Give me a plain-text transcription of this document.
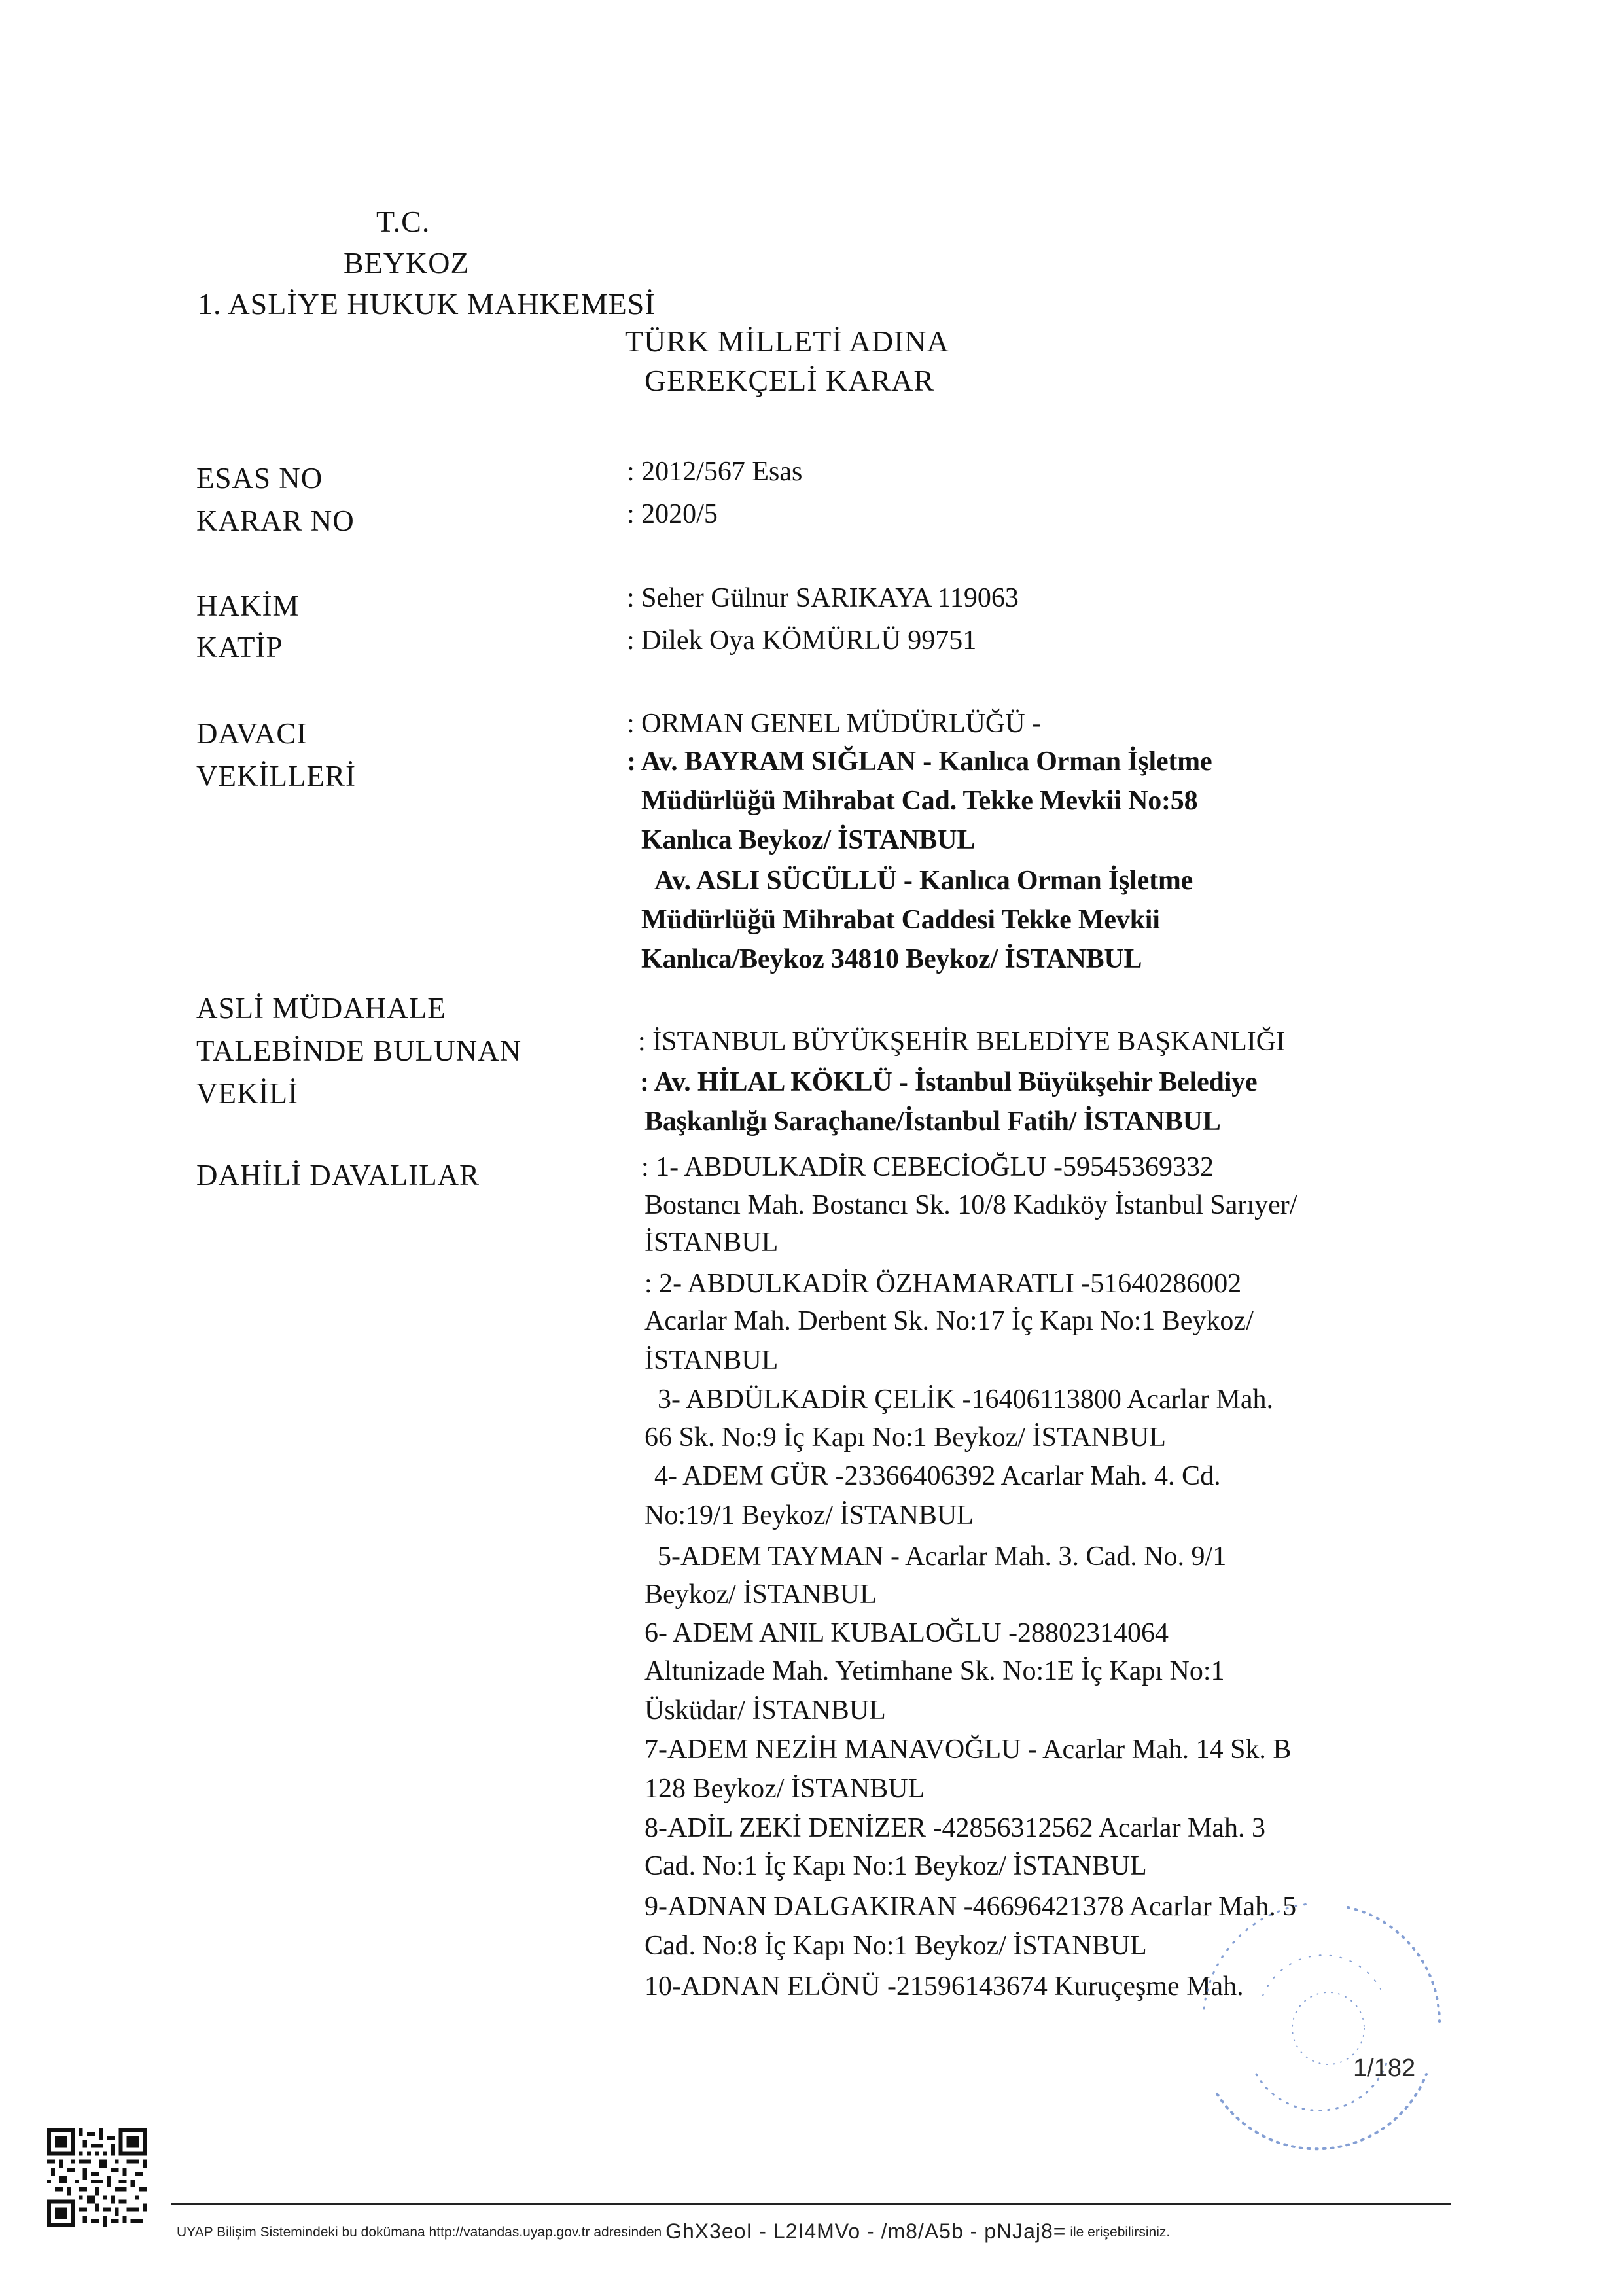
T.C.
BEYKOZ
1. ASLİYE HUKUK MAHKEMESİ
TÜRK MİLLETİ ADINA
GEREKÇELİ KARAR
ESAS NO
KARAR NO
HAKİM
KATİP
DAVACI
VEKİLLERİ
ASLİ MÜDAHALE
TALEBİNDE BULUNAN
VEKİLİ
DAHİLİ DAVALILAR
: 2012/567 Esas
: 2020/5
: Seher Gülnur SARIKAYA 119063
: Dilek Oya KÖMÜRLÜ 99751
: ORMAN GENEL MÜDÜRLÜĞÜ -
: Av. BAYRAM SIĞLAN - Kanlıca Orman İşletme
Müdürlüğü Mihrabat Cad. Tekke Mevkii No:58
Kanlıca Beykoz/ İSTANBUL
Av. ASLI SÜCÜLLÜ - Kanlıca Orman İşletme
Müdürlüğü Mihrabat Caddesi Tekke Mevkii
Kanlıca/Beykoz 34810 Beykoz/ İSTANBUL
: İSTANBUL BÜYÜKŞEHİR BELEDİYE BAŞKANLIĞI
: Av. HİLAL KÖKLÜ - İstanbul Büyükşehir Belediye
Başkanlığı Saraçhane/İstanbul Fatih/ İSTANBUL
: 1- ABDULKADİR CEBECİOĞLU -59545369332
Bostancı Mah. Bostancı Sk. 10/8 Kadıköy İstanbul Sarıyer/
İSTANBUL
: 2- ABDULKADİR ÖZHAMARATLI -51640286002
Acarlar Mah. Derbent Sk. No:17 İç Kapı No:1 Beykoz/
İSTANBUL
3- ABDÜLKADİR ÇELİK -16406113800 Acarlar Mah.
66 Sk. No:9 İç Kapı No:1 Beykoz/ İSTANBUL
4- ADEM GÜR -23366406392 Acarlar Mah. 4. Cd.
No:19/1 Beykoz/ İSTANBUL
5-ADEM TAYMAN - Acarlar Mah. 3. Cad. No. 9/1
Beykoz/ İSTANBUL
6- ADEM ANIL KUBALOĞLU -28802314064
Altunizade Mah. Yetimhane Sk. No:1E İç Kapı No:1
Üsküdar/ İSTANBUL
7-ADEM NEZİH MANAVOĞLU - Acarlar Mah. 14 Sk. B
128 Beykoz/ İSTANBUL
8-ADİL ZEKİ DENİZER -42856312562 Acarlar Mah. 3
Cad. No:1 İç Kapı No:1 Beykoz/ İSTANBUL
9-ADNAN DALGAKIRAN -46696421378 Acarlar Mah. 5
Cad. No:8 İç Kapı No:1 Beykoz/ İSTANBUL
10-ADNAN ELÖNÜ -21596143674 Kuruçeşme Mah.
1/182
UYAP Bilişim Sistemindeki bu dokümana http://vatandas.uyap.gov.tr adresinden GhX3eoI - L2I4MVo - /m8/A5b - pNJaj8= ile erişebilirsiniz.
